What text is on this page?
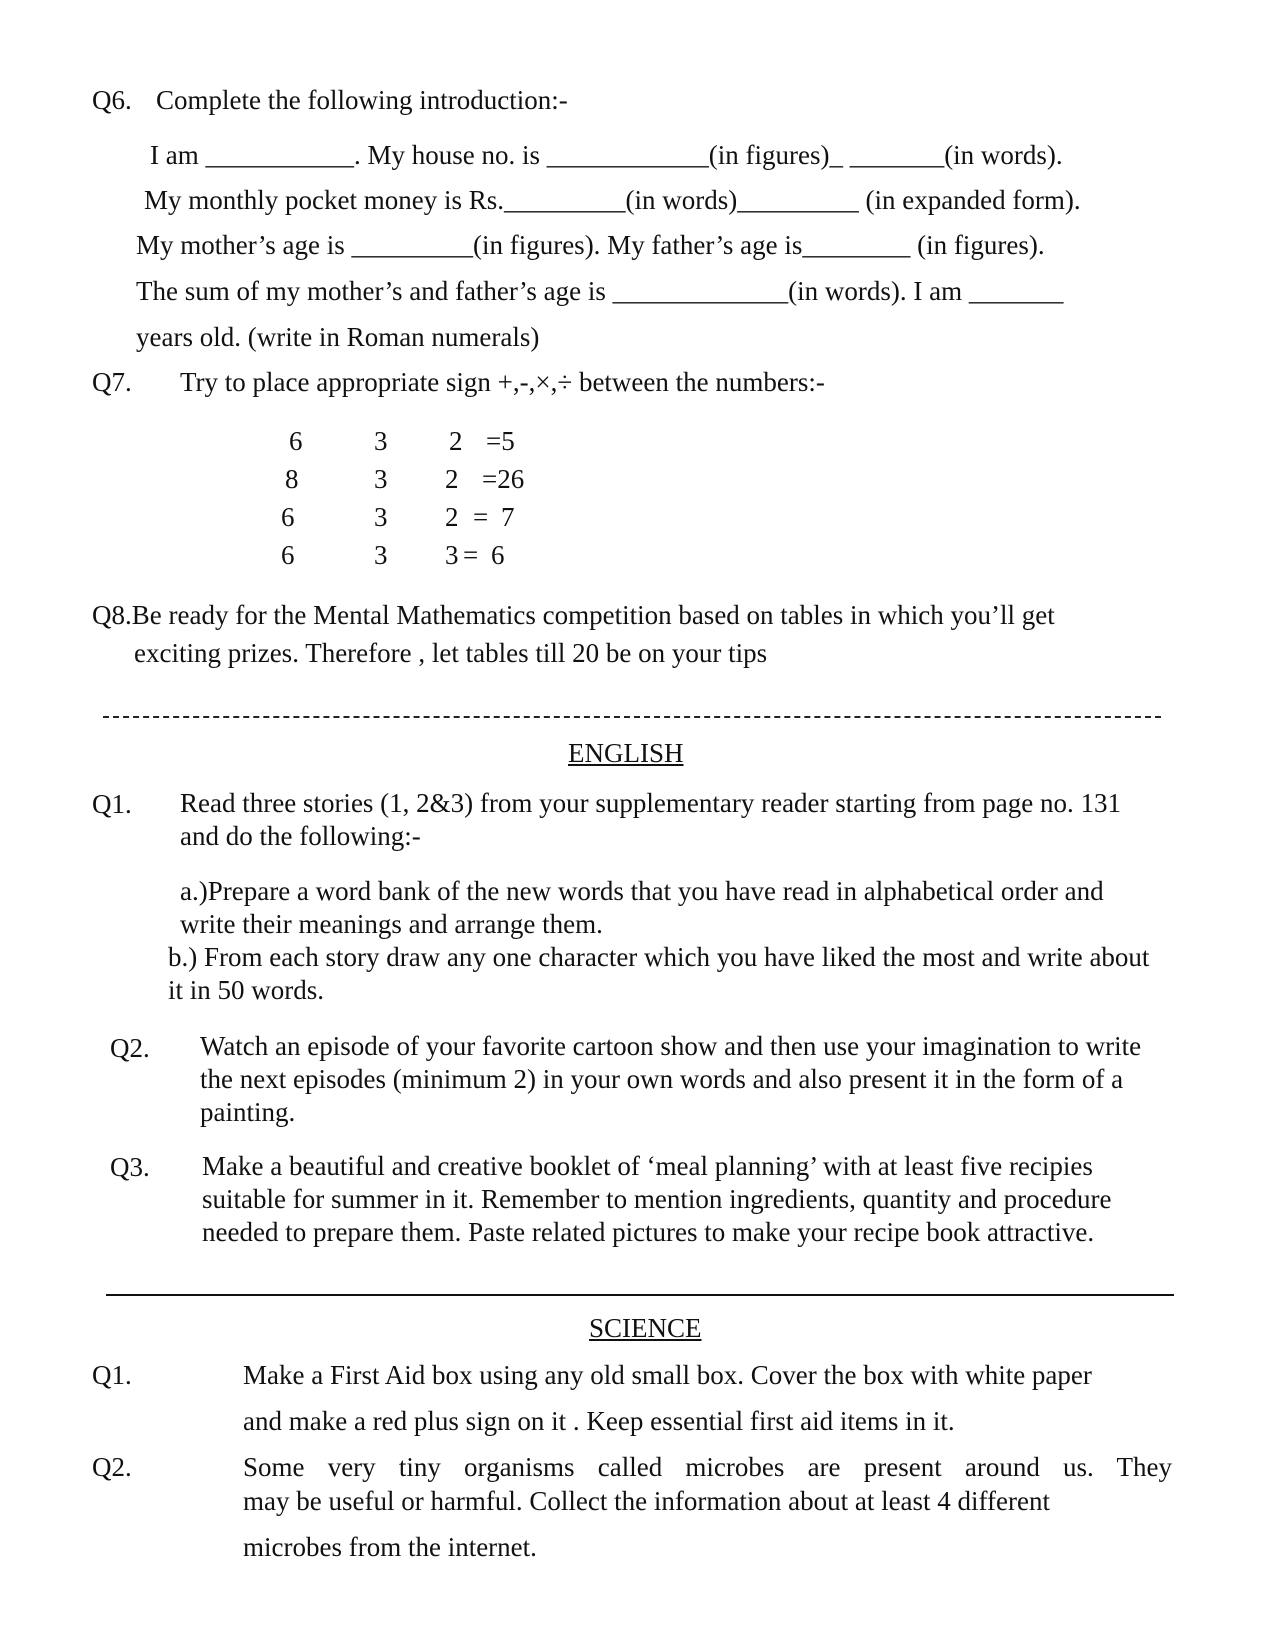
Q6. Complete the following introduction:-
I am ___________. My house no. is ____________(in figures)_ _______(in words).
My monthly pocket money is Rs._________(in words)_________ (in expanded form).
My mother’s age is _________(in figures). My father’s age is________ (in figures).
The sum of my mother’s and father’s age is _____________(in words). I am _______
years old. (write in Roman numerals)
Q7. Try to place appropriate sign +,-,×,÷ between the numbers:-
6	3 2 =5
8	3 2 =26
6	3 2 = 7
6	3 3 = 6
Q8.Be ready for the Mental Mathematics competition based on tables in which you’ll get
exciting prizes. Therefore , let tables till 20 be on your tips
ENGLISH
Q1. Read three stories (1, 2&3) from your supplementary reader starting from page no. 131 and do the following:-
a.)Prepare a word bank of the new words that you have read in alphabetical order and write their meanings and arrange them.
b.) From each story draw any one character which you have liked the most and write about it in 50 words.
Q2. Watch an episode of your favorite cartoon show and then use your imagination to write the next episodes (minimum 2) in your own words and also present it in the form of a painting.
Q3. Make a beautiful and creative booklet of ‘meal planning’ with at least five recipies suitable for summer in it. Remember to mention ingredients, quantity and procedure needed to prepare them. Paste related pictures to make your recipe book attractive.
SCIENCE
Q1.	Make a First Aid box using any old small box. Cover the box with white paper
and make a red plus sign on it . Keep essential first aid items in it.
Q2.	Some very tiny organisms called microbes are present around us. They
may be useful or harmful. Collect the information about at least 4 different
microbes from the internet.
